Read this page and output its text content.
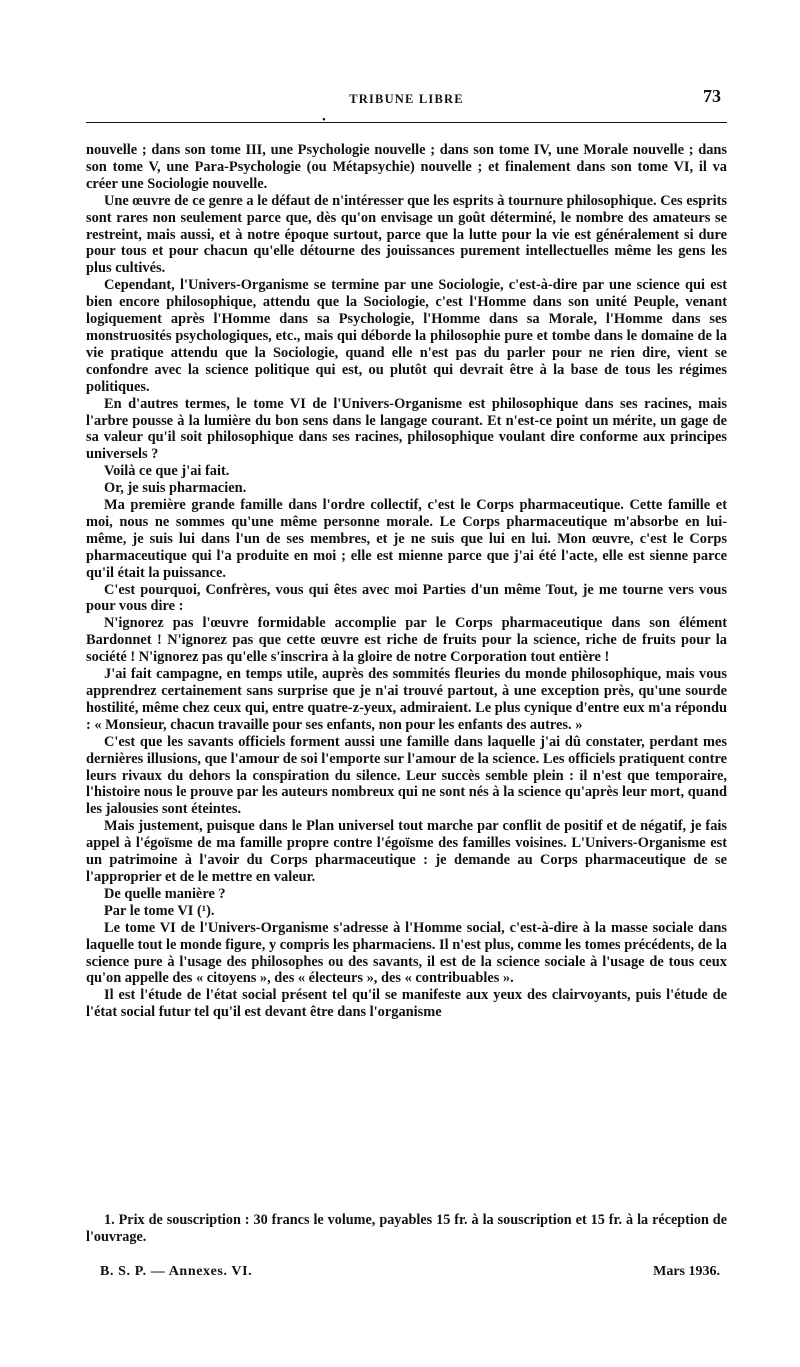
TRIBUNE LIBRE	73
•

nouvelle ; dans son tome III, une Psychologie nouvelle ; dans son tome IV, une Morale nouvelle ; dans son tome V, une Para-Psychologie (ou Métapsychie) nouvelle ; et finalement dans son tome VI, il va créer une Sociologie nouvelle.

Une œuvre de ce genre a le défaut de n'intéresser que les esprits à tournure philosophique. Ces esprits sont rares non seulement parce que, dès qu'on envisage un goût déterminé, le nombre des amateurs se restreint, mais aussi, et à notre époque surtout, parce que la lutte pour la vie est généralement si dure pour tous et pour chacun qu'elle détourne des jouissances purement intellectuelles même les gens les plus cultivés.

Cependant, l'Univers-Organisme se termine par une Sociologie, c'est-à-dire par une science qui est bien encore philosophique, attendu que la Sociologie, c'est l'Homme dans son unité Peuple, venant logiquement après l'Homme dans sa Psychologie, l'Homme dans sa Morale, l'Homme dans ses monstruosités psychologiques, etc., mais qui déborde la philosophie pure et tombe dans le domaine de la vie pratique attendu que la Sociologie, quand elle n'est pas du parler pour ne rien dire, vient se confondre avec la science politique qui est, ou plutôt qui devrait être à la base de tous les régimes politiques.

En d'autres termes, le tome VI de l'Univers-Organisme est philosophique dans ses racines, mais l'arbre pousse à la lumière du bon sens dans le langage courant. Et n'est-ce point un mérite, un gage de sa valeur qu'il soit philosophique dans ses racines, philosophique voulant dire conforme aux principes universels ?

Voilà ce que j'ai fait.

Or, je suis pharmacien.

Ma première grande famille dans l'ordre collectif, c'est le Corps pharmaceutique. Cette famille et moi, nous ne sommes qu'une même personne morale. Le Corps pharmaceutique m'absorbe en lui-même, je suis lui dans l'un de ses membres, et je ne suis que lui en lui. Mon œuvre, c'est le Corps pharmaceutique qui l'a produite en moi ; elle est mienne parce que j'ai été l'acte, elle est sienne parce qu'il était la puissance.

C'est pourquoi, Confrères, vous qui êtes avec moi Parties d'un même Tout, je me tourne vers vous pour vous dire :

N'ignorez pas l'œuvre formidable accomplie par le Corps pharmaceutique dans son élément Bardonnet ! N'ignorez pas que cette œuvre est riche de fruits pour la science, riche de fruits pour la société ! N'ignorez pas qu'elle s'inscrira à la gloire de notre Corporation tout entière !

J'ai fait campagne, en temps utile, auprès des sommités fleuries du monde philosophique, mais vous apprendrez certainement sans surprise que je n'ai trouvé partout, à une exception près, qu'une sourde hostilité, même chez ceux qui, entre quatre-z-yeux, admiraient. Le plus cynique d'entre eux m'a répondu : « Monsieur, chacun travaille pour ses enfants, non pour les enfants des autres. »

C'est que les savants officiels forment aussi une famille dans laquelle j'ai dû constater, perdant mes dernières illusions, que l'amour de soi l'emporte sur l'amour de la science. Les officiels pratiquent contre leurs rivaux du dehors la conspiration du silence. Leur succès semble plein : il n'est que temporaire, l'histoire nous le prouve par les auteurs nombreux qui ne sont nés à la science qu'après leur mort, quand les jalousies sont éteintes.

Mais justement, puisque dans le Plan universel tout marche par conflit de positif et de négatif, je fais appel à l'égoïsme de ma famille propre contre l'égoïsme des familles voisines. L'Univers-Organisme est un patrimoine à l'avoir du Corps pharmaceutique : je demande au Corps pharmaceutique de se l'approprier et de le mettre en valeur.

De quelle manière ?

Par le tome VI (¹).

Le tome VI de l'Univers-Organisme s'adresse à l'Homme social, c'est-à-dire à la masse sociale dans laquelle tout le monde figure, y compris les pharmaciens. Il n'est plus, comme les tomes précédents, de la science pure à l'usage des philosophes ou des savants, il est de la science sociale à l'usage de tous ceux qu'on appelle des « citoyens », des « électeurs », des « contribuables ».

Il est l'étude de l'état social présent tel qu'il se manifeste aux yeux des clairvoyants, puis l'étude de l'état social futur tel qu'il est devant être dans l'organisme

1. Prix de souscription : 30 francs le volume, payables 15 fr. à la souscription et 15 fr. à la réception de l'ouvrage.
B. S. P. — Annexes. VI.	Mars 1936.
